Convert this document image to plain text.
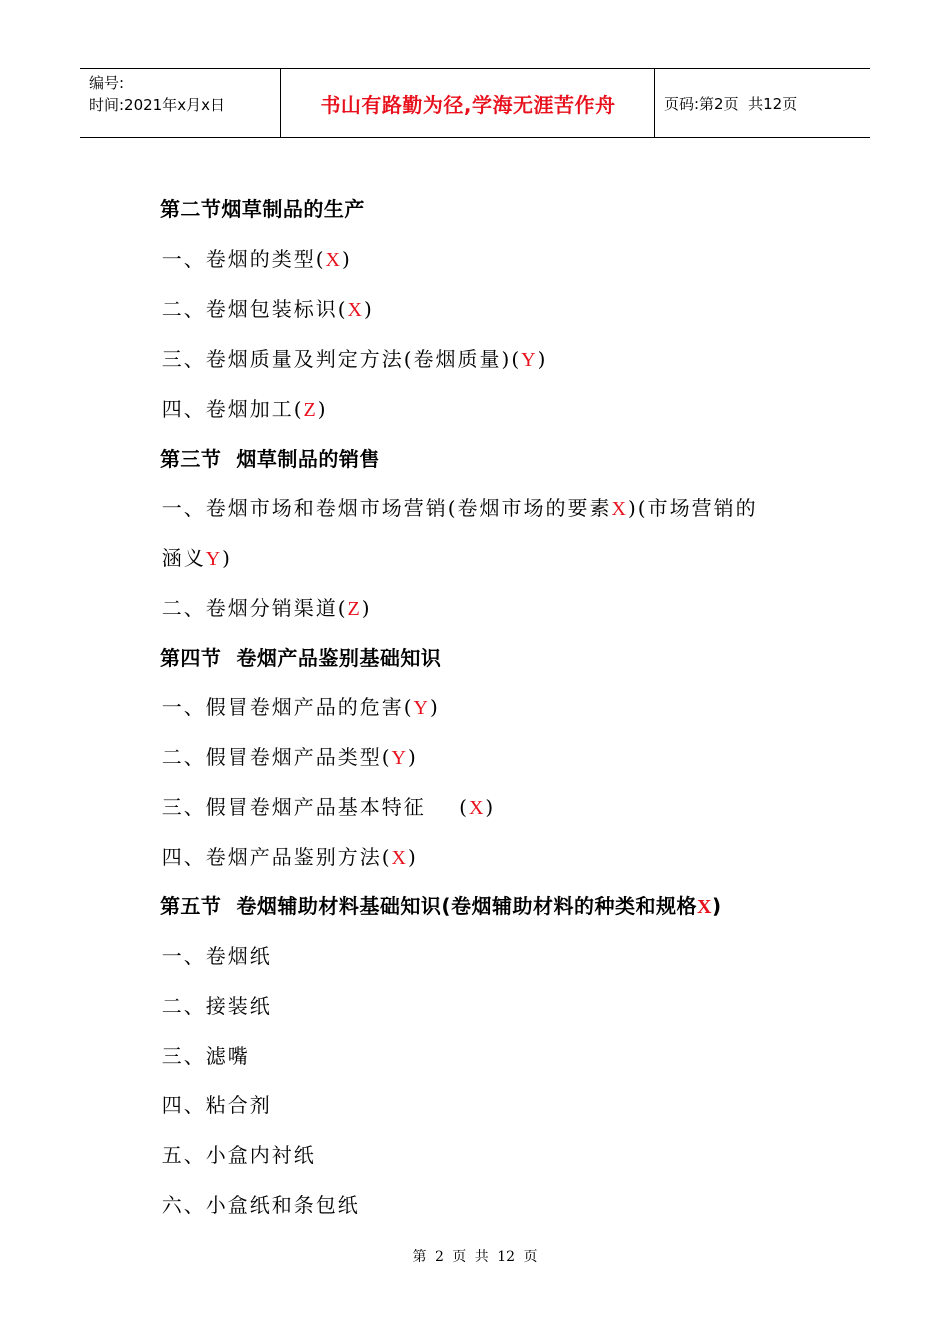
编号:
时间:2021年x月x日	书山有路勤为径,学海无涯苦作舟	页码:第2页  共12页

第二节烟草制品的生产

一、卷烟的类型(X)

二、卷烟包装标识(X)

三、卷烟质量及判定方法(卷烟质量)(Y)

四、卷烟加工(Z)

第三节  烟草制品的销售

一、卷烟市场和卷烟市场营销(卷烟市场的要素X)(市场营销的

涵义Y)

二、卷烟分销渠道(Z)

第四节  卷烟产品鉴别基础知识

一、假冒卷烟产品的危害(Y)

二、假冒卷烟产品类型(Y)

三、假冒卷烟产品基本特征    (X)

四、卷烟产品鉴别方法(X)

第五节  卷烟辅助材料基础知识(卷烟辅助材料的种类和规格X)

一、卷烟纸

二、接装纸

三、滤嘴

四、粘合剂

五、小盒内衬纸

六、小盒纸和条包纸

第 2 页 共 12 页
